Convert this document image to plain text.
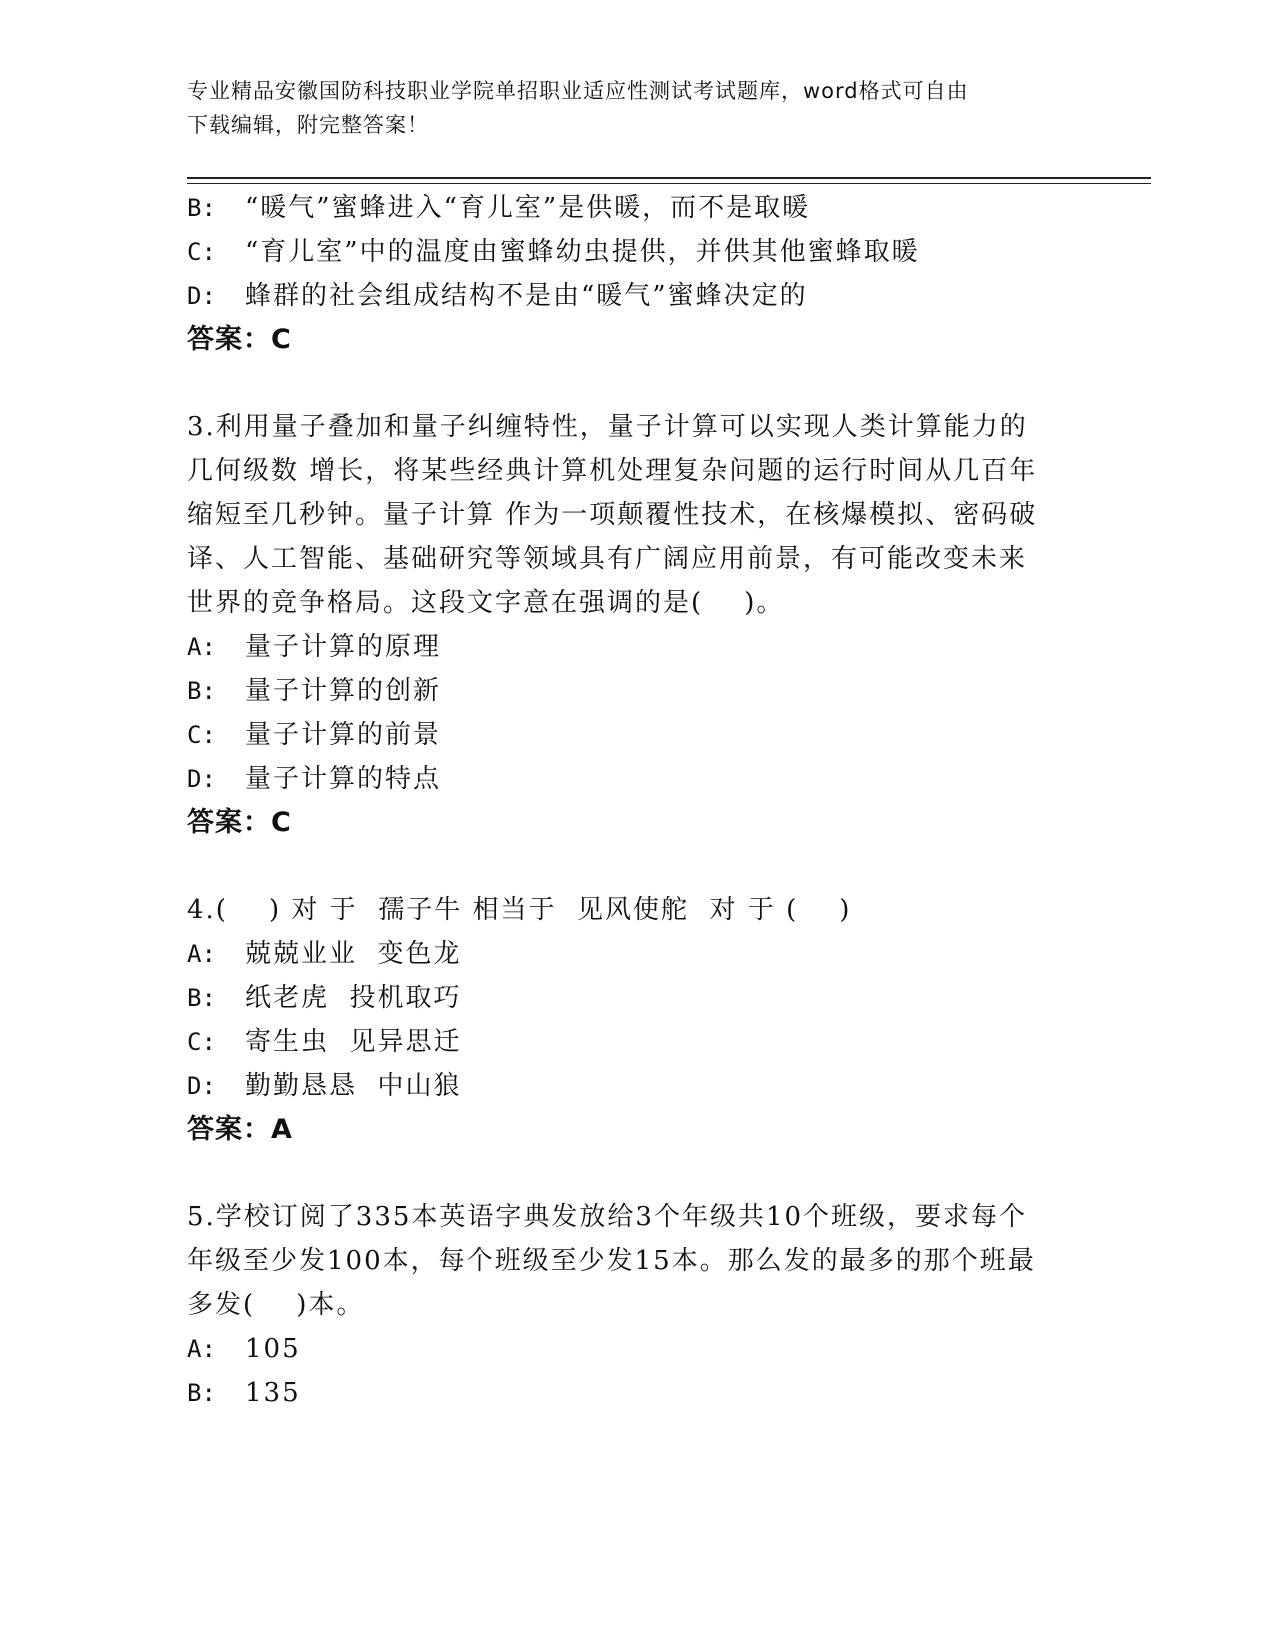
专业精品安徽国防科技职业学院单招职业适应性测试考试题库，word格式可自由
下载编辑，附完整答案！
B: “暖气”蜜蜂进入“育儿室”是供暖，而不是取暖
C: “育儿室”中的温度由蜜蜂幼虫提供，并供其他蜜蜂取暖
D: 蜂群的社会组成结构不是由“暖气”蜜蜂决定的
答案：C
3.利用量子叠加和量子纠缠特性，量子计算可以实现人类计算能力的
几何级数 增长，将某些经典计算机处理复杂问题的运行时间从几百年
缩短至几秒钟。量子计算 作为一项颠覆性技术，在核爆模拟、密码破
译、人工智能、基础研究等领域具有广阔应用前景，有可能改变未来
世界的竞争格局。这段文字意在强调的是(    )。
A: 量子计算的原理
B: 量子计算的创新
C: 量子计算的前景
D: 量子计算的特点
答案：C
4.(    ) 对 于  孺子牛 相当于  见风使舵  对 于 (    )
A: 兢兢业业  变色龙
B: 纸老虎  投机取巧
C: 寄生虫  见异思迁
D: 勤勤恳恳  中山狼
答案：A
5.学校订阅了335本英语字典发放给3个年级共10个班级，要求每个
年级至少发100本，每个班级至少发15本。那么发的最多的那个班最
多发(    )本。
A: 105
B: 135
